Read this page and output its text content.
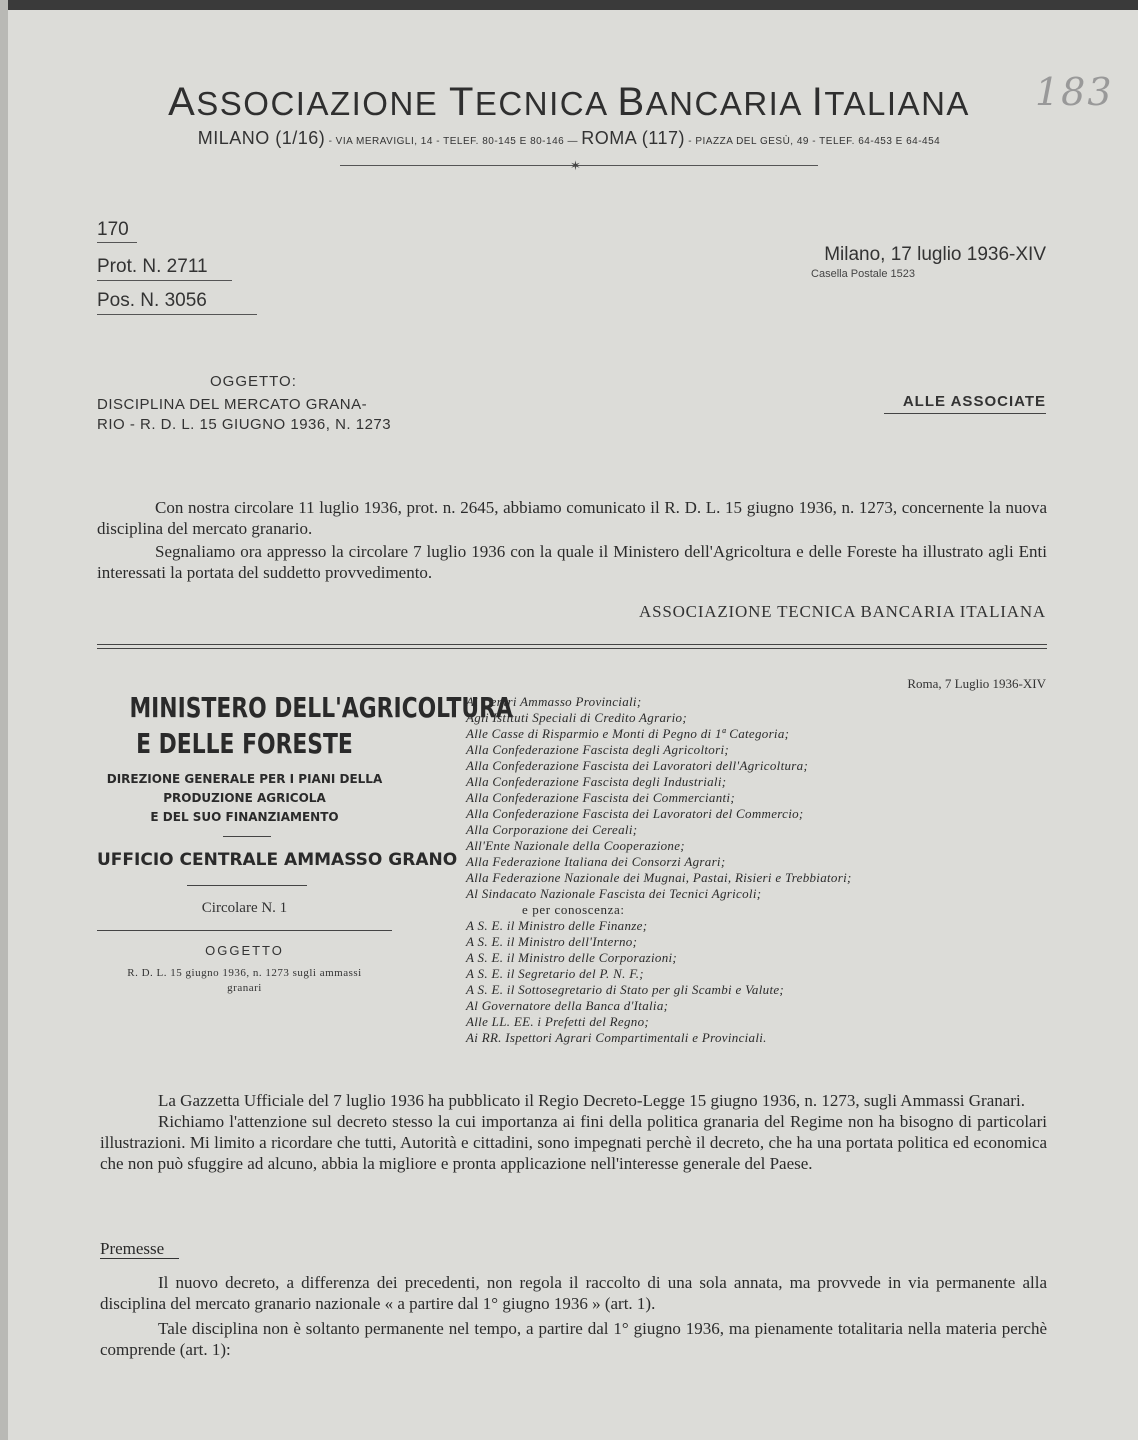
ASSOCIAZIONE TECNICA BANCARIA ITALIANA	183
MILANO (1/16) - VIA MERAVIGLI, 14 - TELEF. 80-145 E 80-146 — ROMA (117) - PIAZZA DEL GESÙ, 49 - TELEF. 64-453 E 64-454
✶
170
Prot. N. 2711
Pos. N. 3056
Milano, 17 luglio 1936-XIV
Casella Postale 1523
OGGETTO:
DISCIPLINA DEL MERCATO GRANA-
RIO - R. D. L. 15 GIUGNO 1936, N. 1273
ALLE ASSOCIATE
Con nostra circolare 11 luglio 1936, prot. n. 2645, abbiamo comunicato il R. D. L. 15 giugno 1936, n. 1273, concernente la nuova disciplina del mercato granario.
Segnaliamo ora appresso la circolare 7 luglio 1936 con la quale il Ministero dell'Agricoltura e delle Foreste ha illustrato agli Enti interessati la portata del suddetto provvedimento.
ASSOCIAZIONE TECNICA BANCARIA ITALIANA
MINISTERO DELL'AGRICOLTURA
E DELLE FORESTE
DIREZIONE GENERALE PER I PIANI DELLA
PRODUZIONE AGRICOLA
E DEL SUO FINANZIAMENTO
UFFICIO CENTRALE AMMASSO GRANO
Circolare N. 1
OGGETTO
R. D. L. 15 giugno 1936, n. 1273 sugli ammassi
granari
Roma, 7 Luglio 1936-XIV
Ai Centri Ammasso Provinciali;
Agli Istituti Speciali di Credito Agrario;
Alle Casse di Risparmio e Monti di Pegno di 1ª Categoria;
Alla Confederazione Fascista degli Agricoltori;
Alla Confederazione Fascista dei Lavoratori dell'Agricoltura;
Alla Confederazione Fascista degli Industriali;
Alla Confederazione Fascista dei Commercianti;
Alla Confederazione Fascista dei Lavoratori del Commercio;
Alla Corporazione dei Cereali;
All'Ente Nazionale della Cooperazione;
Alla Federazione Italiana dei Consorzi Agrari;
Alla Federazione Nazionale dei Mugnai, Pastai, Risieri e Trebbiatori;
Al Sindacato Nazionale Fascista dei Tecnici Agricoli;
e per conoscenza:
A S. E. il Ministro delle Finanze;
A S. E. il Ministro dell'Interno;
A S. E. il Ministro delle Corporazioni;
A S. E. il Segretario del P. N. F.;
A S. E. il Sottosegretario di Stato per gli Scambi e Valute;
Al Governatore della Banca d'Italia;
Alle LL. EE. i Prefetti del Regno;
Ai RR. Ispettori Agrari Compartimentali e Provinciali.
La Gazzetta Ufficiale del 7 luglio 1936 ha pubblicato il Regio Decreto-Legge 15 giugno 1936, n. 1273, sugli Ammassi Granari.
Richiamo l'attenzione sul decreto stesso la cui importanza ai fini della politica granaria del Regime non ha bisogno di particolari illustrazioni. Mi limito a ricordare che tutti, Autorità e cittadini, sono impegnati perchè il decreto, che ha una portata politica ed economica che non può sfuggire ad alcuno, abbia la migliore e pronta applicazione nell'interesse generale del Paese.
Premesse
Il nuovo decreto, a differenza dei precedenti, non regola il raccolto di una sola annata, ma provvede in via permanente alla disciplina del mercato granario nazionale « a partire dal 1° giugno 1936 » (art. 1).
Tale disciplina non è soltanto permanente nel tempo, a partire dal 1° giugno 1936, ma pienamente totalitaria nella materia perchè comprende (art. 1):
